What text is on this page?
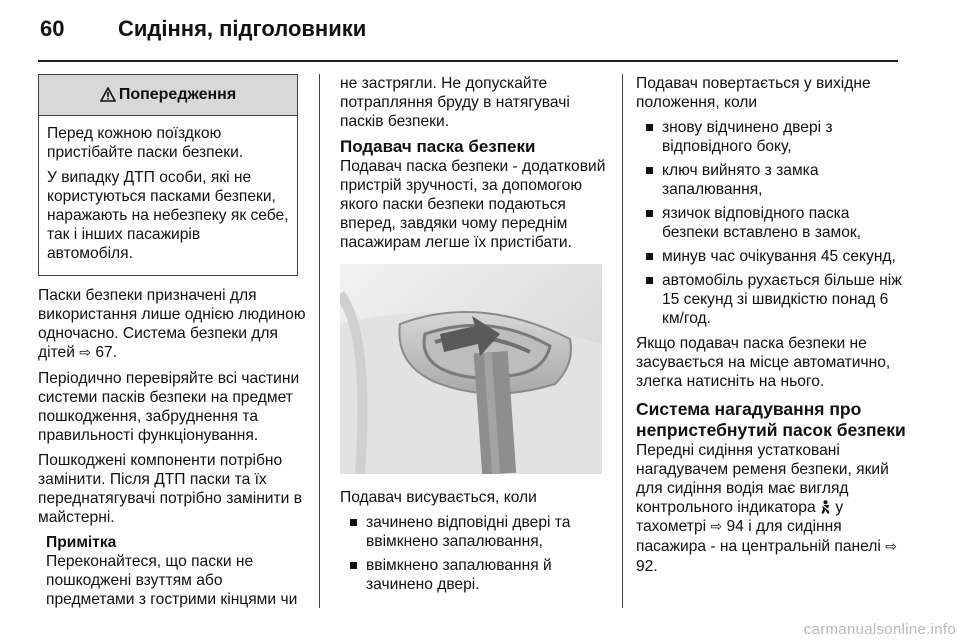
60	Сидіння, підголовники
Попередження

Перед кожною поїздкою пристібайте паски безпеки.

У випадку ДТП особи, які не користуються пасками безпеки, наражають на небезпеку як себе, так і інших пасажирів автомобіля.

Паски безпеки призначені для використання лише однією людиною одночасно. Система безпеки для дітей ⇨ 67.

Періодично перевіряйте всі частини системи пасків безпеки на предмет пошкодження, забруднення та правильності функціонування.

Пошкоджені компоненти потрібно замінити. Після ДТП паски та їх переднатягувачі потрібно замінити в майстерні.

Примітка
Переконайтеся, що паски не пошкоджені взуттям або предметами з гострими кінцями чи

не застрягли. Не допускайте потрапляння бруду в натягувачі пасків безпеки.

Подавач паска безпеки

Подавач паска безпеки - додатковий пристрій зручності, за допомогою якого паски безпеки подаються вперед, завдяки чому переднім пасажирам легше їх пристібати.

Подавач висувається, коли

зачинено відповідні двері та ввімкнено запалювання,
ввімкнено запалювання й зачинено двері.

Подавач повертається у вихідне положення, коли

знову відчинено двері з відповідного боку,
ключ вийнято з замка запалювання,
язичок відповідного паска безпеки вставлено в замок,
минув час очікування 45 секунд,
автомобіль рухається більше ніж 15 секунд зі швидкістю понад 6 км/год.

Якщо подавач паска безпеки не засувається на місце автоматично, злегка натисніть на нього.

Система нагадування про непристебнутий пасок безпеки

Передні сидіння устатковані нагадувачем ременя безпеки, який для сидіння водія має вигляд контрольного індикатора  у тахометрі ⇨ 94 і для сидіння пасажира - на центральній панелі ⇨ 92.

carmanualsonline.info
